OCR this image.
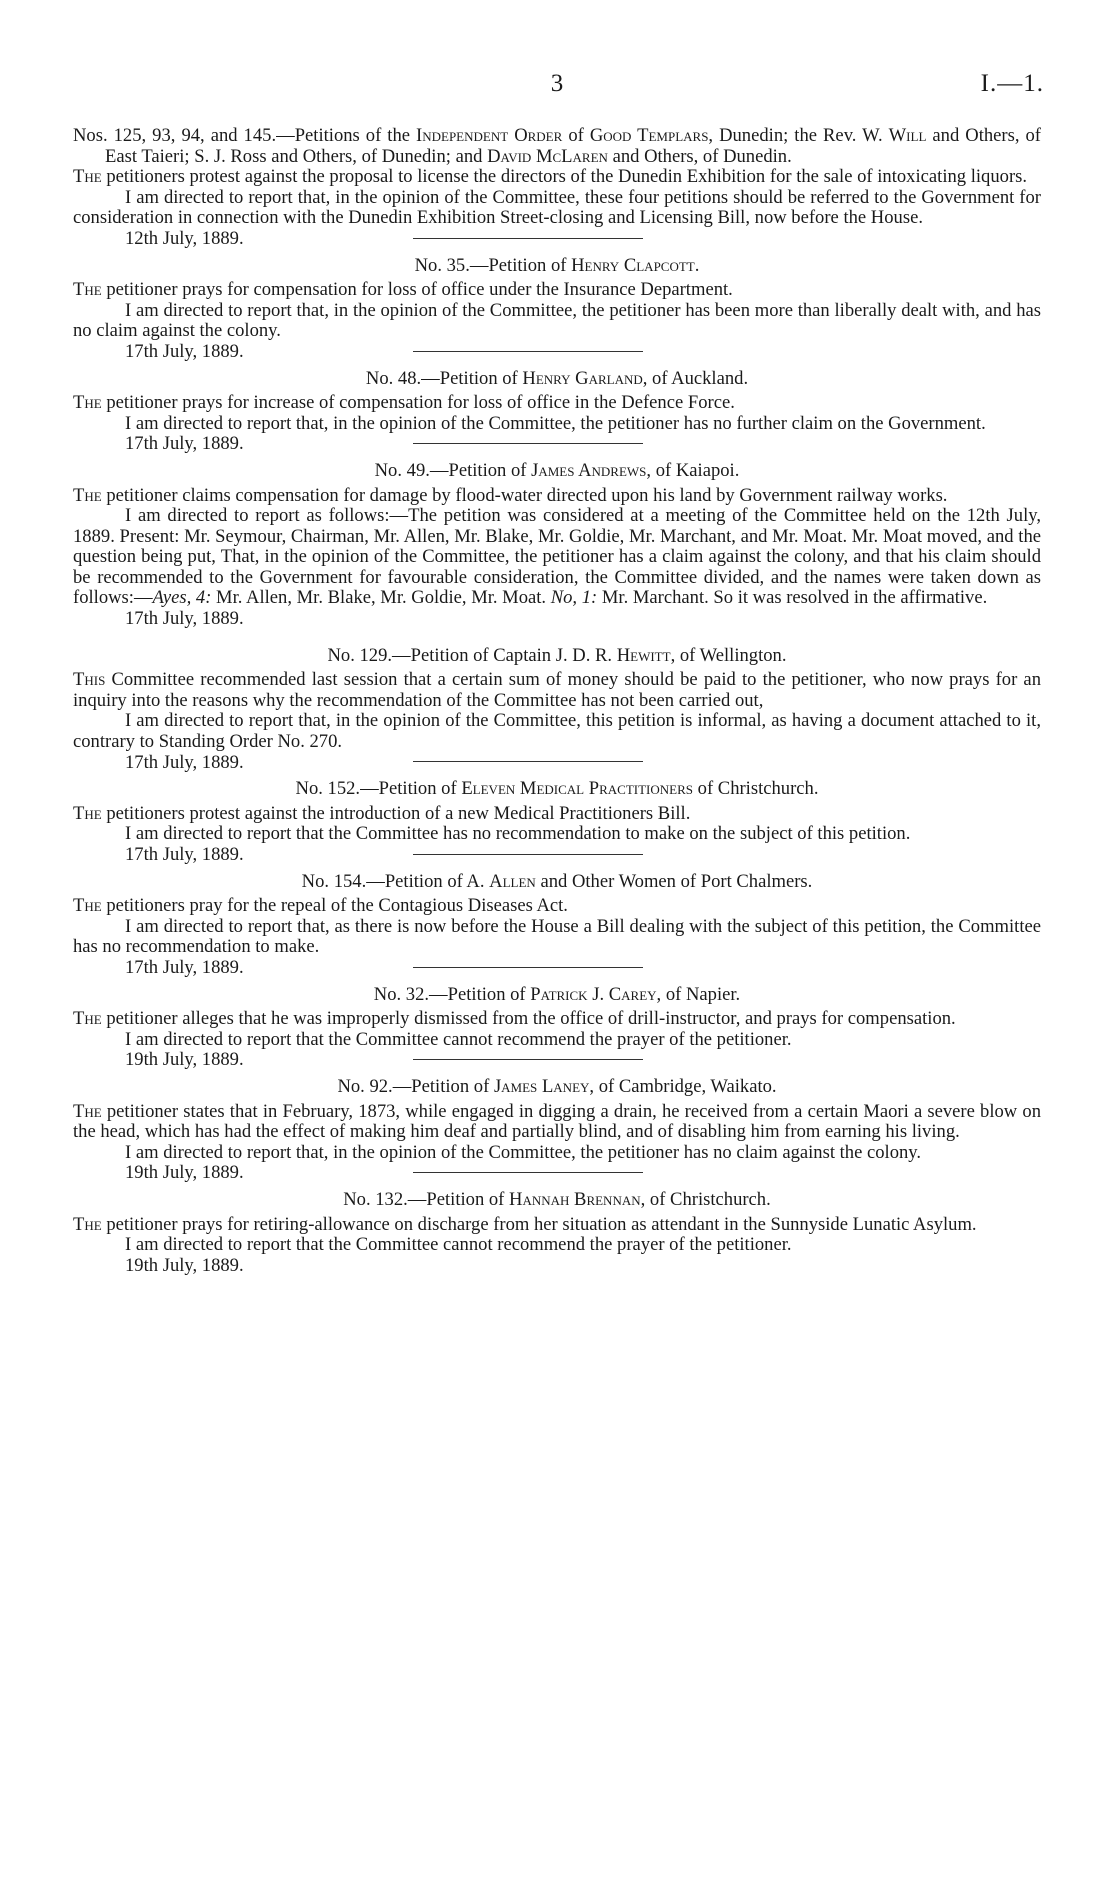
3	I.—1.

Nos. 125, 93, 94, and 145.—Petitions of the Independent Order of Good Templars, Dunedin; the Rev. W. Will and Others, of East Taieri; S. J. Ross and Others, of Dunedin; and David McLaren and Others, of Dunedin.

The petitioners protest against the proposal to license the directors of the Dunedin Exhibition for the sale of intoxicating liquors.

I am directed to report that, in the opinion of the Committee, these four petitions should be referred to the Government for consideration in connection with the Dunedin Exhibition Street-closing and Licensing Bill, now before the House.

12th July, 1889.

No. 35.—Petition of Henry Clapcott.

The petitioner prays for compensation for loss of office under the Insurance Department.

I am directed to report that, in the opinion of the Committee, the petitioner has been more than liberally dealt with, and has no claim against the colony.

17th July, 1889.

No. 48.—Petition of Henry Garland, of Auckland.

The petitioner prays for increase of compensation for loss of office in the Defence Force.

I am directed to report that, in the opinion of the Committee, the petitioner has no further claim on the Government.

17th July, 1889.

No. 49.—Petition of James Andrews, of Kaiapoi.

The petitioner claims compensation for damage by flood-water directed upon his land by Government railway works.

I am directed to report as follows:—The petition was considered at a meeting of the Committee held on the 12th July, 1889. Present: Mr. Seymour, Chairman, Mr. Allen, Mr. Blake, Mr. Goldie, Mr. Marchant, and Mr. Moat. Mr. Moat moved, and the question being put, That, in the opinion of the Committee, the petitioner has a claim against the colony, and that his claim should be recommended to the Government for favourable consideration, the Committee divided, and the names were taken down as follows:—Ayes, 4: Mr. Allen, Mr. Blake, Mr. Goldie, Mr. Moat. No, 1: Mr. Marchant. So it was resolved in the affirmative.

17th July, 1889.

No. 129.—Petition of Captain J. D. R. Hewitt, of Wellington.

This Committee recommended last session that a certain sum of money should be paid to the petitioner, who now prays for an inquiry into the reasons why the recommendation of the Committee has not been carried out,

I am directed to report that, in the opinion of the Committee, this petition is informal, as having a document attached to it, contrary to Standing Order No. 270.

17th July, 1889.

No. 152.—Petition of Eleven Medical Practitioners of Christchurch.

The petitioners protest against the introduction of a new Medical Practitioners Bill.

I am directed to report that the Committee has no recommendation to make on the subject of this petition.

17th July, 1889.

No. 154.—Petition of A. Allen and Other Women of Port Chalmers.

The petitioners pray for the repeal of the Contagious Diseases Act.

I am directed to report that, as there is now before the House a Bill dealing with the subject of this petition, the Committee has no recommendation to make.

17th July, 1889.

No. 32.—Petition of Patrick J. Carey, of Napier.

The petitioner alleges that he was improperly dismissed from the office of drill-instructor, and prays for compensation.

I am directed to report that the Committee cannot recommend the prayer of the petitioner.

19th July, 1889.

No. 92.—Petition of James Laney, of Cambridge, Waikato.

The petitioner states that in February, 1873, while engaged in digging a drain, he received from a certain Maori a severe blow on the head, which has had the effect of making him deaf and partially blind, and of disabling him from earning his living.

I am directed to report that, in the opinion of the Committee, the petitioner has no claim against the colony.

19th July, 1889.

No. 132.—Petition of Hannah Brennan, of Christchurch.

The petitioner prays for retiring-allowance on discharge from her situation as attendant in the Sunnyside Lunatic Asylum.

I am directed to report that the Committee cannot recommend the prayer of the petitioner.

19th July, 1889.
